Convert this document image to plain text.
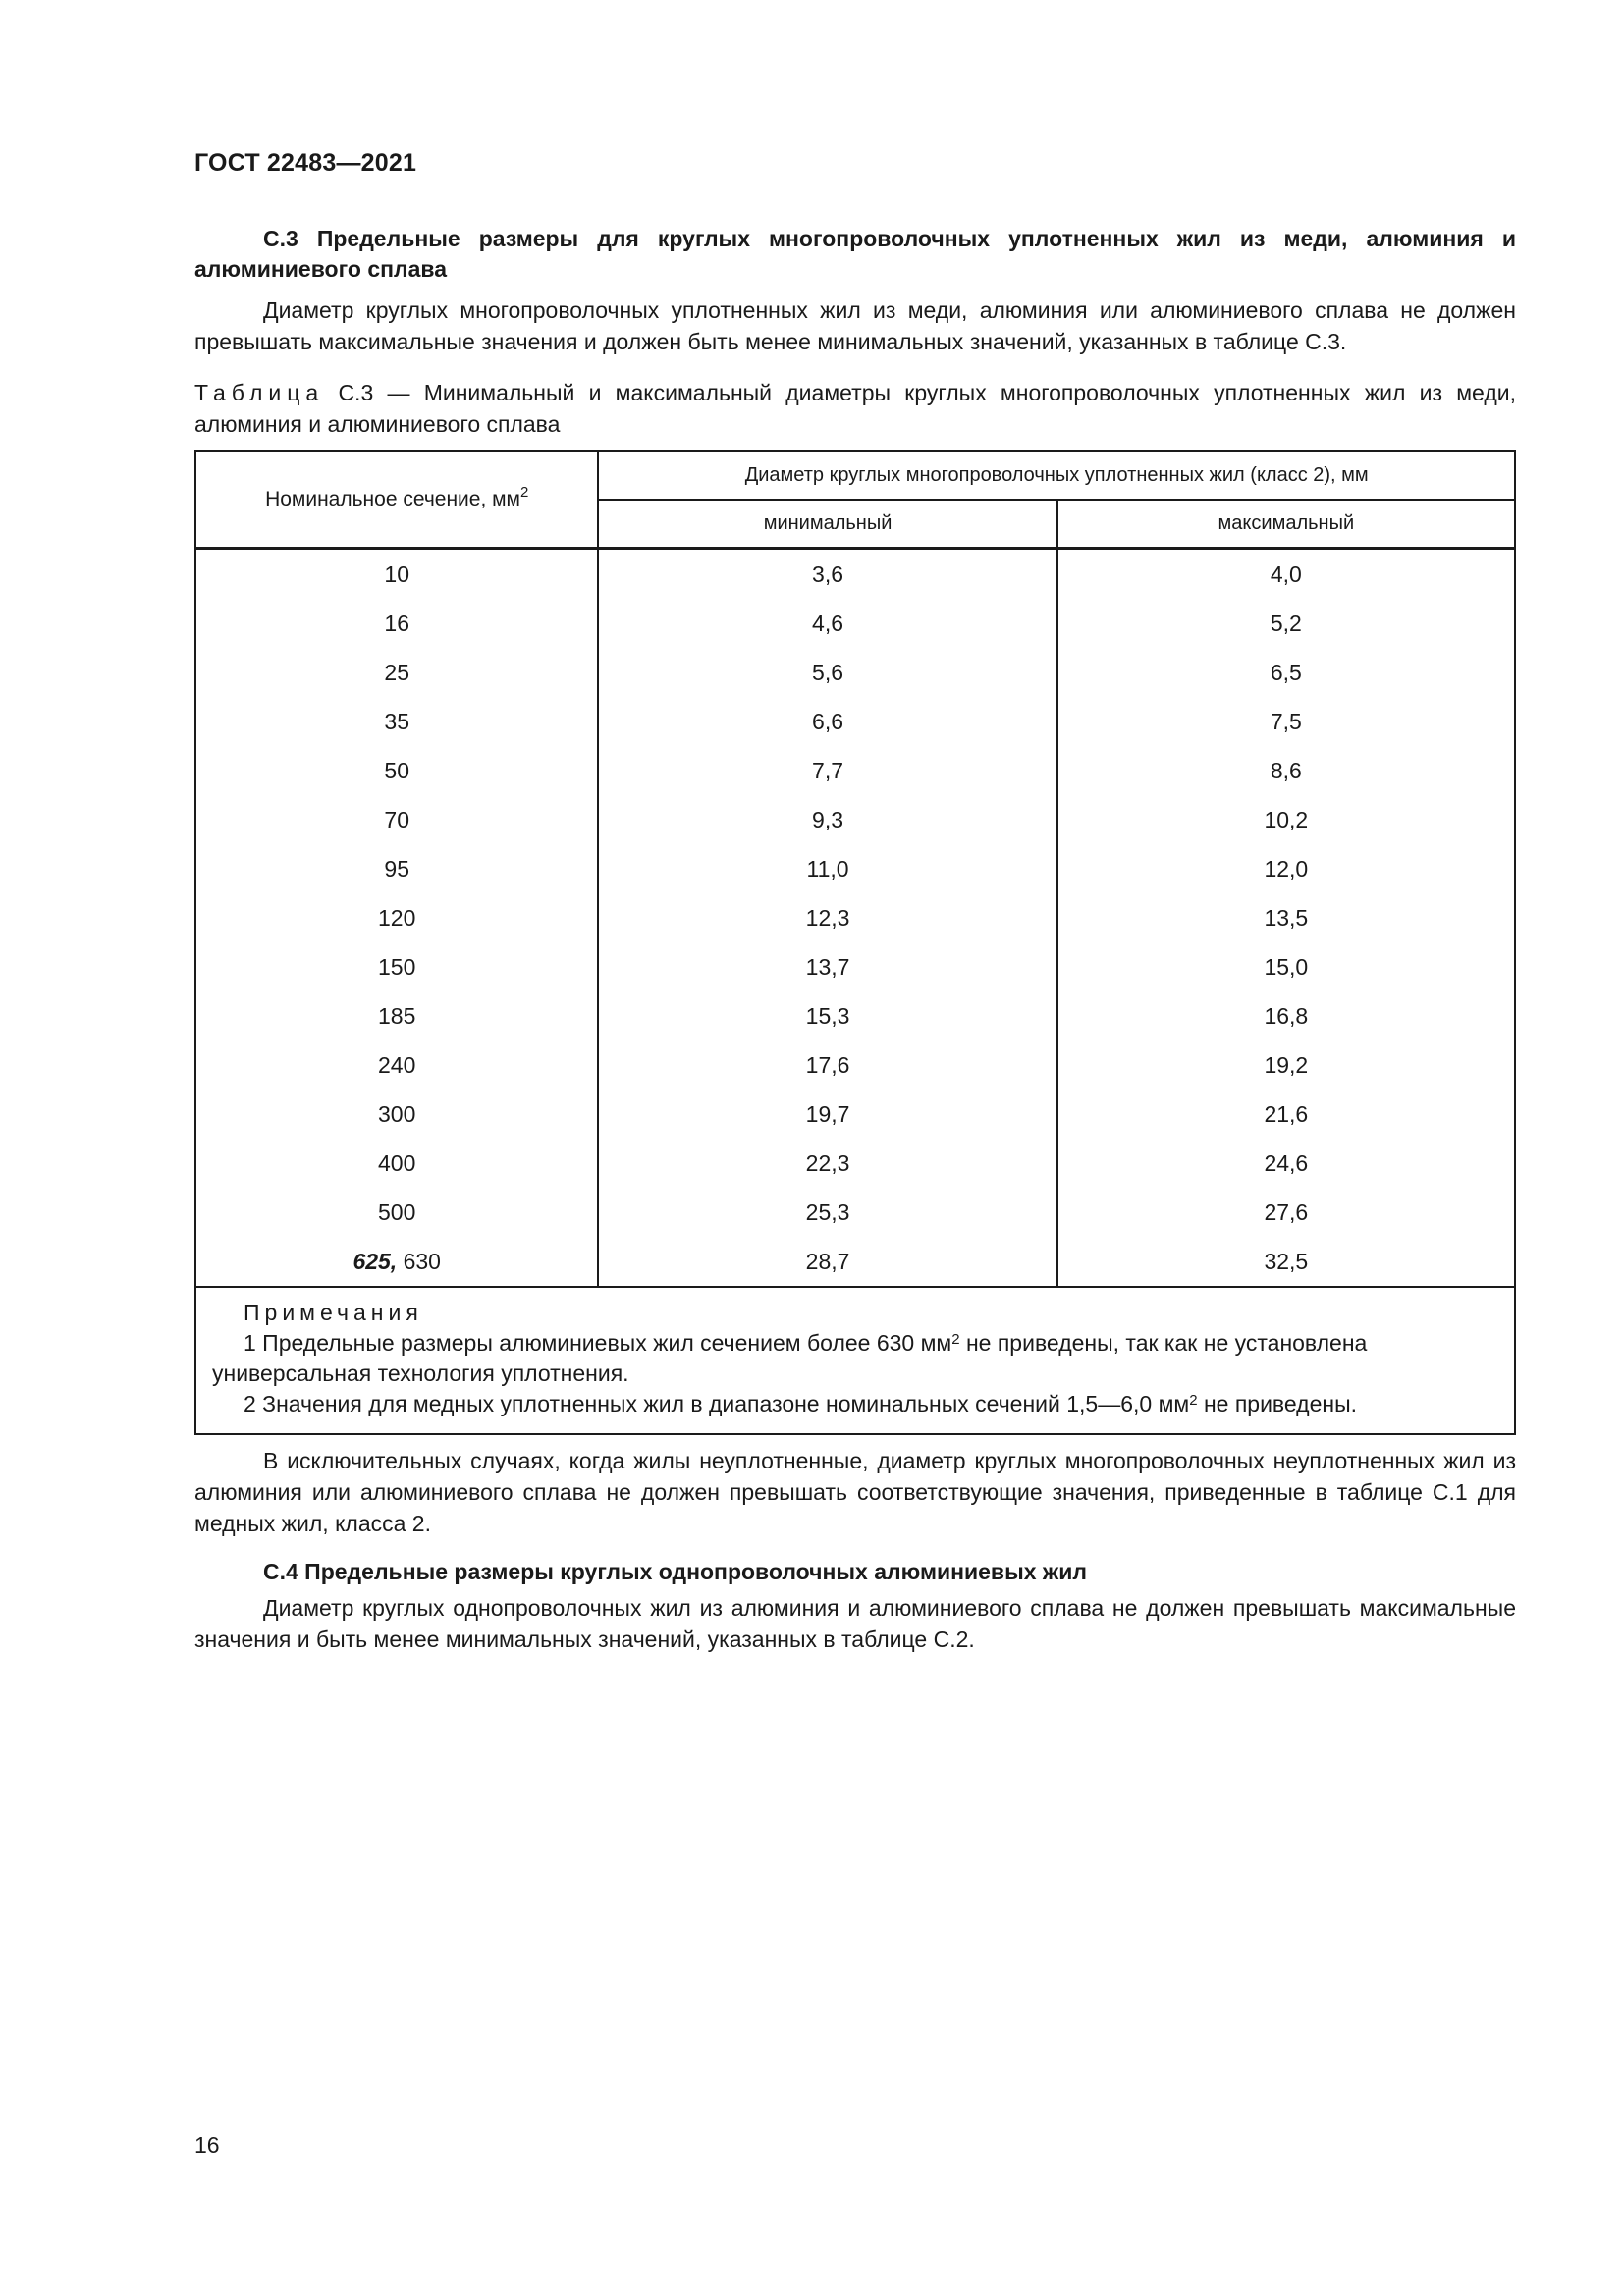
ГОСТ 22483—2021
С.3 Предельные размеры для круглых многопроволочных уплотненных жил из меди, алюминия и алюминиевого сплава
Диаметр круглых многопроволочных уплотненных жил из меди, алюминия или алюминиевого сплава не должен превышать максимальные значения и должен быть менее минимальных значений, указанных в таблице С.3.
Таблица С.3 — Минимальный и максимальный диаметры круглых многопроволочных уплотненных жил из меди, алюминия и алюминиевого сплава
Номинальное сечение, $мм^2$	Диаметр круглых многопроволочных уплотненных жил (класс 2), мм	
	минимальный	максимальный
10	3,6	4,0
16	4,6	5,2
25	5,6	6,5
35	6,6	7,5
50	7,7	8,6
70	9,3	10,2
95	11,0	12,0
120	12,3	13,5
150	13,7	15,0
185	15,3	16,8
240	17,6	19,2
300	19,7	21,6
400	22,3	24,6
500	25,3	27,6
625, 630	28,7	32,5

Примечания
1 Предельные размеры алюминиевых жил сечением более 630 $мм^2$ не приведены, так как не установлена универсальная технология уплотнения.
2 Значения для медных уплотненных жил в диапазоне номинальных сечений 1,5—6,0 $мм^2$ не приведены.		
В исключительных случаях, когда жилы неуплотненные, диаметр круглых многопроволочных неуплотненных жил из алюминия или алюминиевого сплава не должен превышать соответствующие значения, приведенные в таблице С.1 для медных жил, класса 2.
С.4 Предельные размеры круглых однопроволочных алюминиевых жил
Диаметр круглых однопроволочных жил из алюминия и алюминиевого сплава не должен превышать максимальные значения и быть менее минимальных значений, указанных в таблице С.2.
16
